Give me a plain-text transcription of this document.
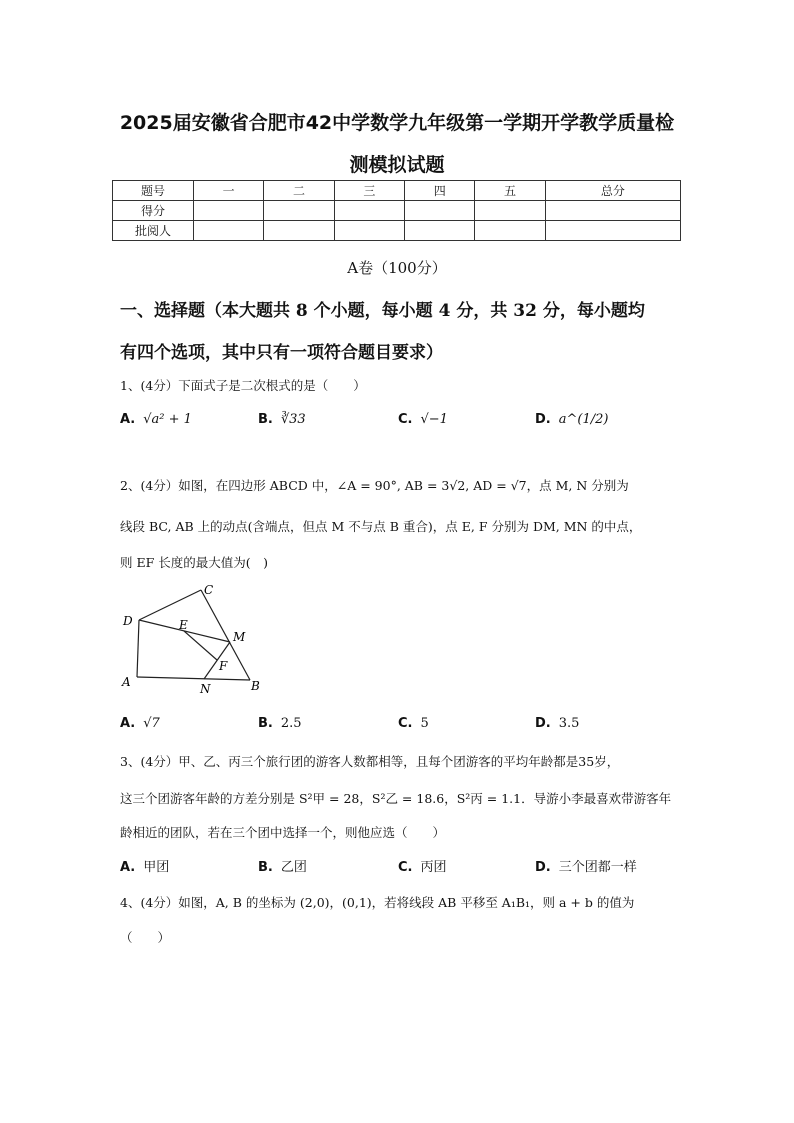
2025届安徽省合肥市42中学数学九年级第一学期开学教学质量检
测模拟试题
题号	一	二	三	四	五	总分
得分						
批阅人						
A卷（100分）
一、选择题（本大题共 8 个小题，每小题 4 分，共 32 分，每小题均
有四个选项，其中只有一项符合题目要求）
1、(4分）下面式子是二次根式的是（　　）
A. √a² + 1	B. ∛33	C. √−1	D. a^(1/2)
2、(4分）如图，在四边形 ABCD 中，∠A = 90°, AB = 3√2, AD = √7，点 M, N 分别为
线段 BC, AB 上的动点(含端点，但点 M 不与点 B 重合)，点 E, F 分别为 DM, MN 的中点，
则 EF 长度的最大值为(　)
C
D	E
M
F
A	N	B
A. √7	B. 2.5	C. 5	D. 3.5
3、(4分）甲、乙、丙三个旅行团的游客人数都相等，且每个团游客的平均年龄都是35岁，
这三个团游客年龄的方差分别是 S²甲 = 28，S²乙 = 18.6，S²丙 = 1.1．导游小李最喜欢带游客年
龄相近的团队，若在三个团中选择一个，则他应选（　　）
A. 甲团	B. 乙团	C. 丙团	D. 三个团都一样
4、(4分）如图，A, B 的坐标为 (2,0)，(0,1)，若将线段 AB 平移至 A₁B₁，则 a + b 的值为
（　　）
